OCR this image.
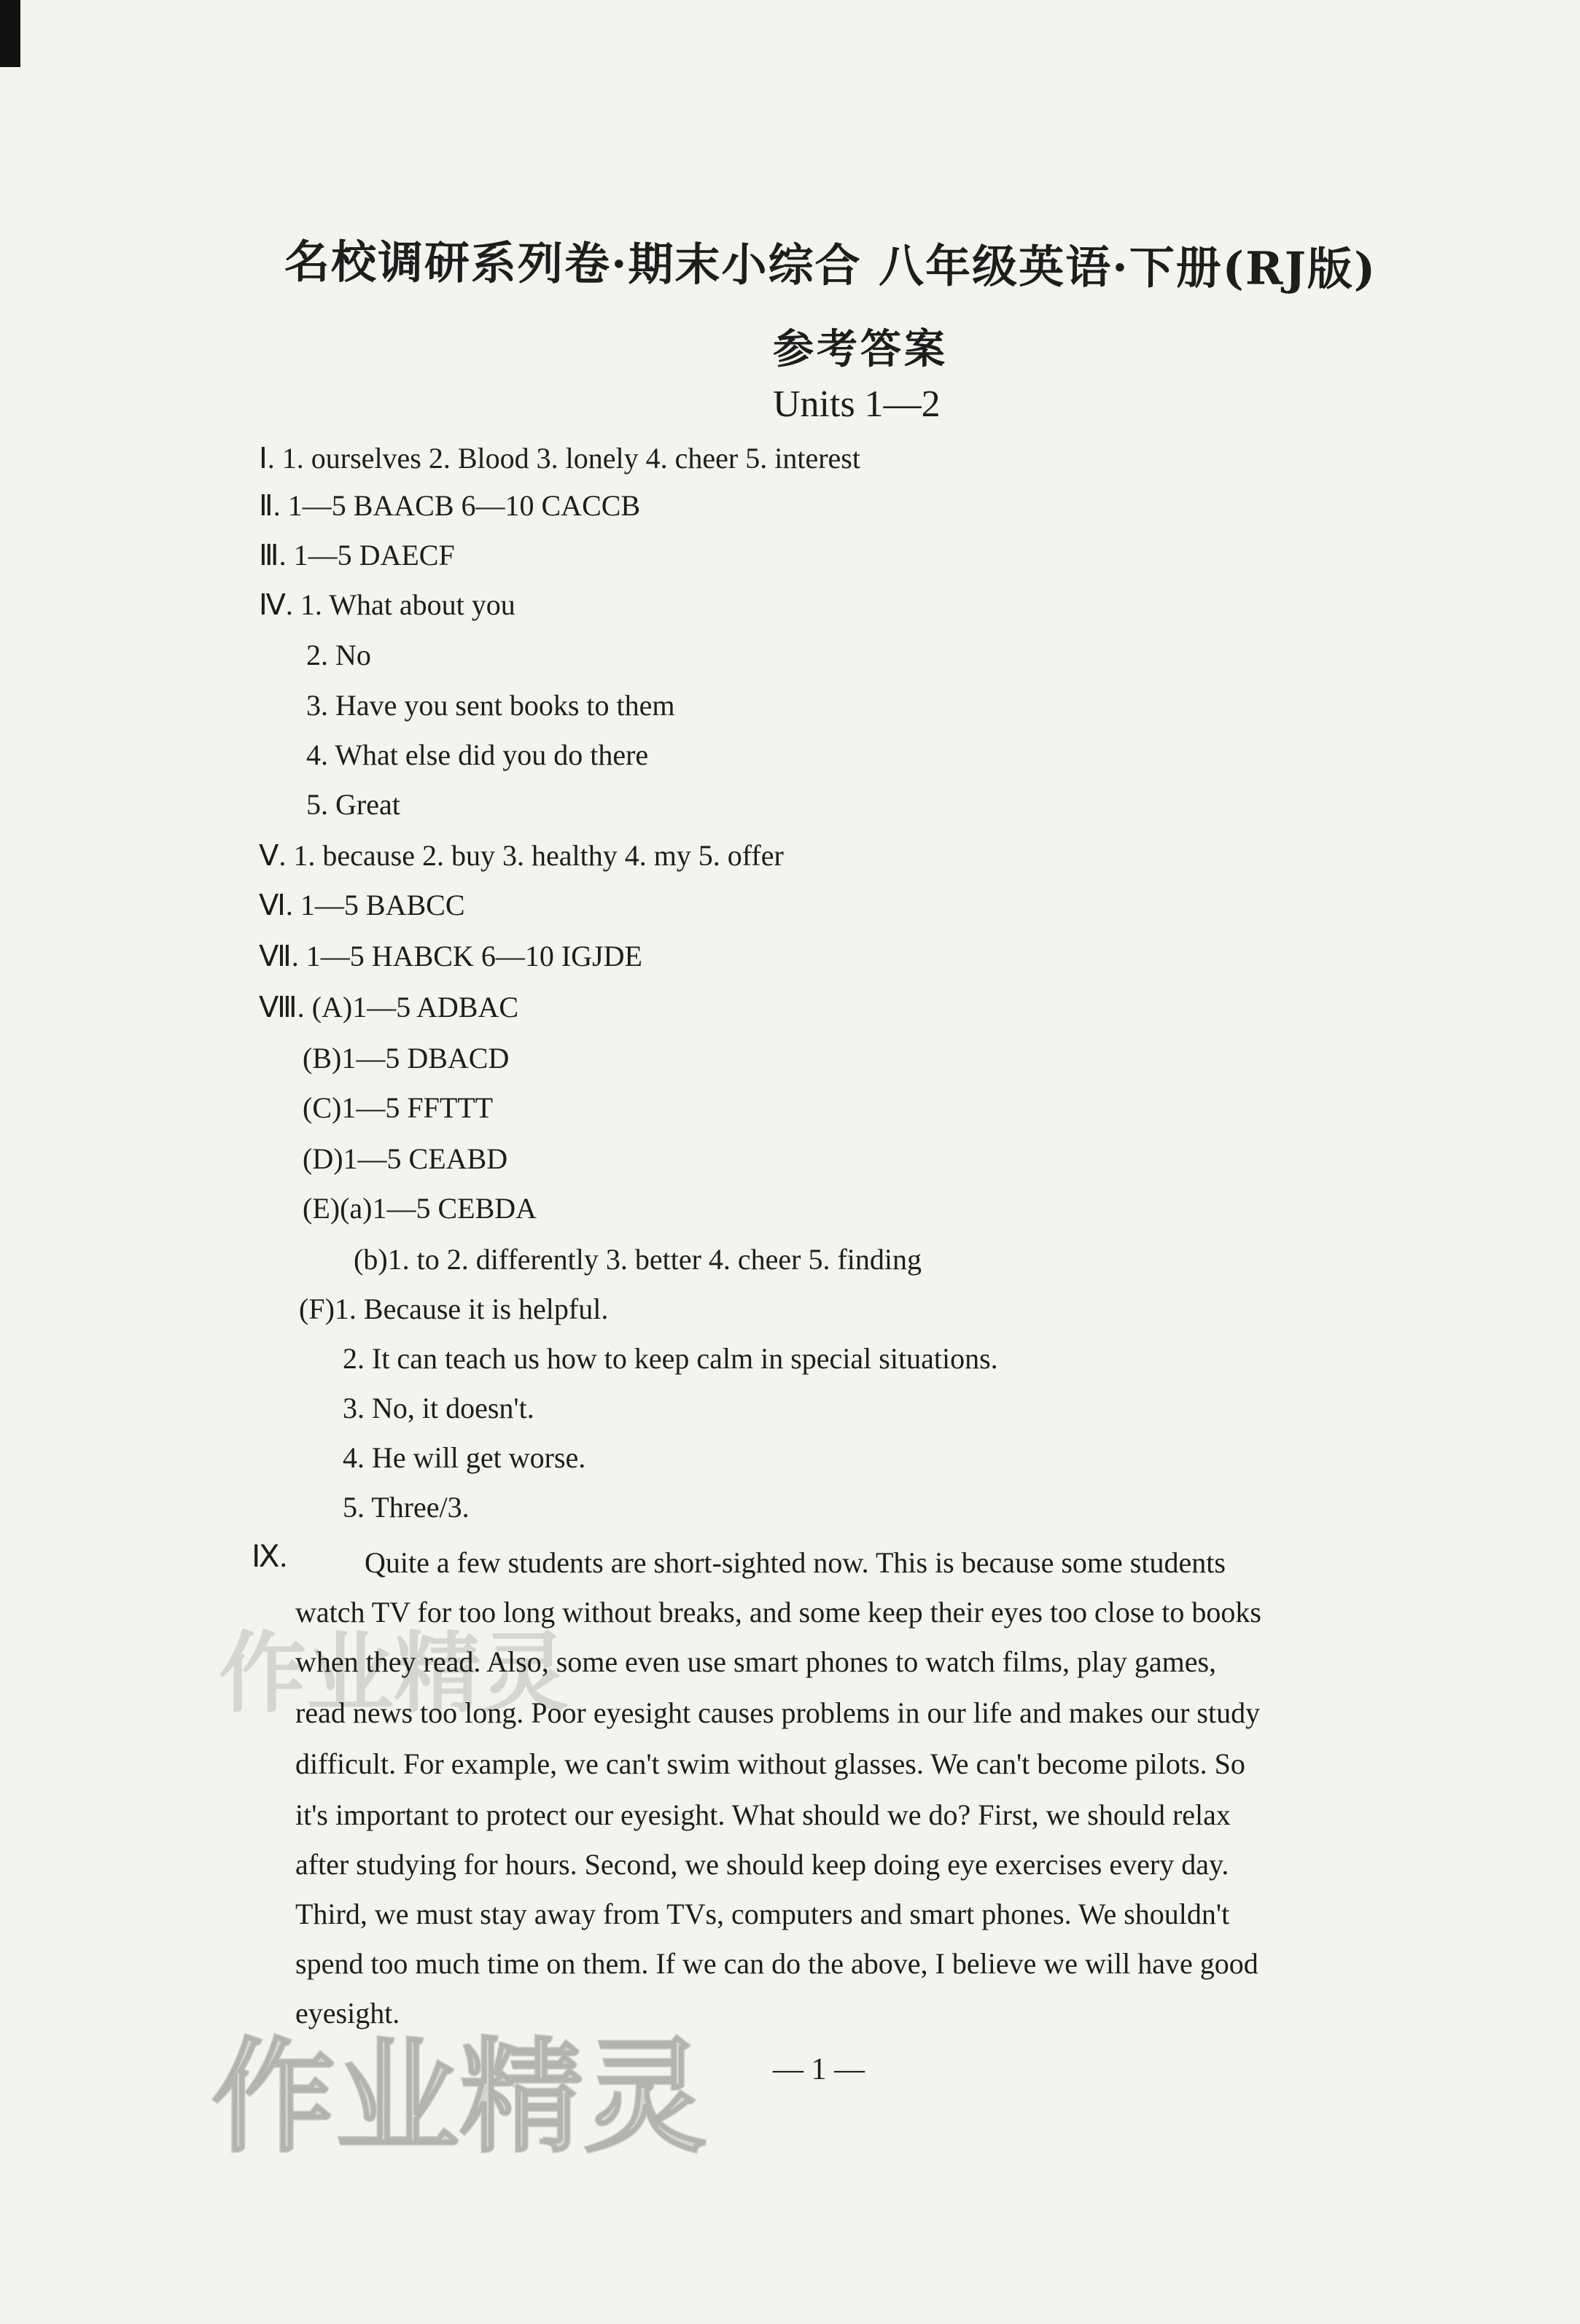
名校调研系列卷·期末小综合 八年级英语·下册(RJ版)
参考答案
Units 1—2
Ⅰ. 1. ourselves 2. Blood 3. lonely 4. cheer 5. interest
Ⅱ. 1—5 BAACB 6—10 CACCB
Ⅲ. 1—5 DAECF
Ⅳ. 1. What about you
2. No
3. Have you sent books to them
4. What else did you do there
5. Great
Ⅴ. 1. because 2. buy 3. healthy 4. my 5. offer
Ⅵ. 1—5 BABCC
Ⅶ. 1—5 HABCK 6—10 IGJDE
Ⅷ. (A)1—5 ADBAC
(B)1—5 DBACD
(C)1—5 FFTTT
(D)1—5 CEABD
(E)(a)1—5 CEBDA
(b)1. to 2. differently 3. better 4. cheer 5. finding
(F)1. Because it is helpful.
2. It can teach us how to keep calm in special situations.
3. No, it doesn't.
4. He will get worse.
5. Three/3.
Ⅸ.	Quite a few students are short-sighted now. This is because some students
watch TV for too long without breaks, and some keep their eyes too close to books
when they read. Also, some even use smart phones to watch films, play games,
read news too long. Poor eyesight causes problems in our life and makes our study
difficult. For example, we can't swim without glasses. We can't become pilots. So
it's important to protect our eyesight. What should we do? First, we should relax
after studying for hours. Second, we should keep doing eye exercises every day.
Third, we must stay away from TVs, computers and smart phones. We shouldn't
spend too much time on them. If we can do the above, I believe we will have good
eyesight.
— 1 —
作业精灵
作业精灵
